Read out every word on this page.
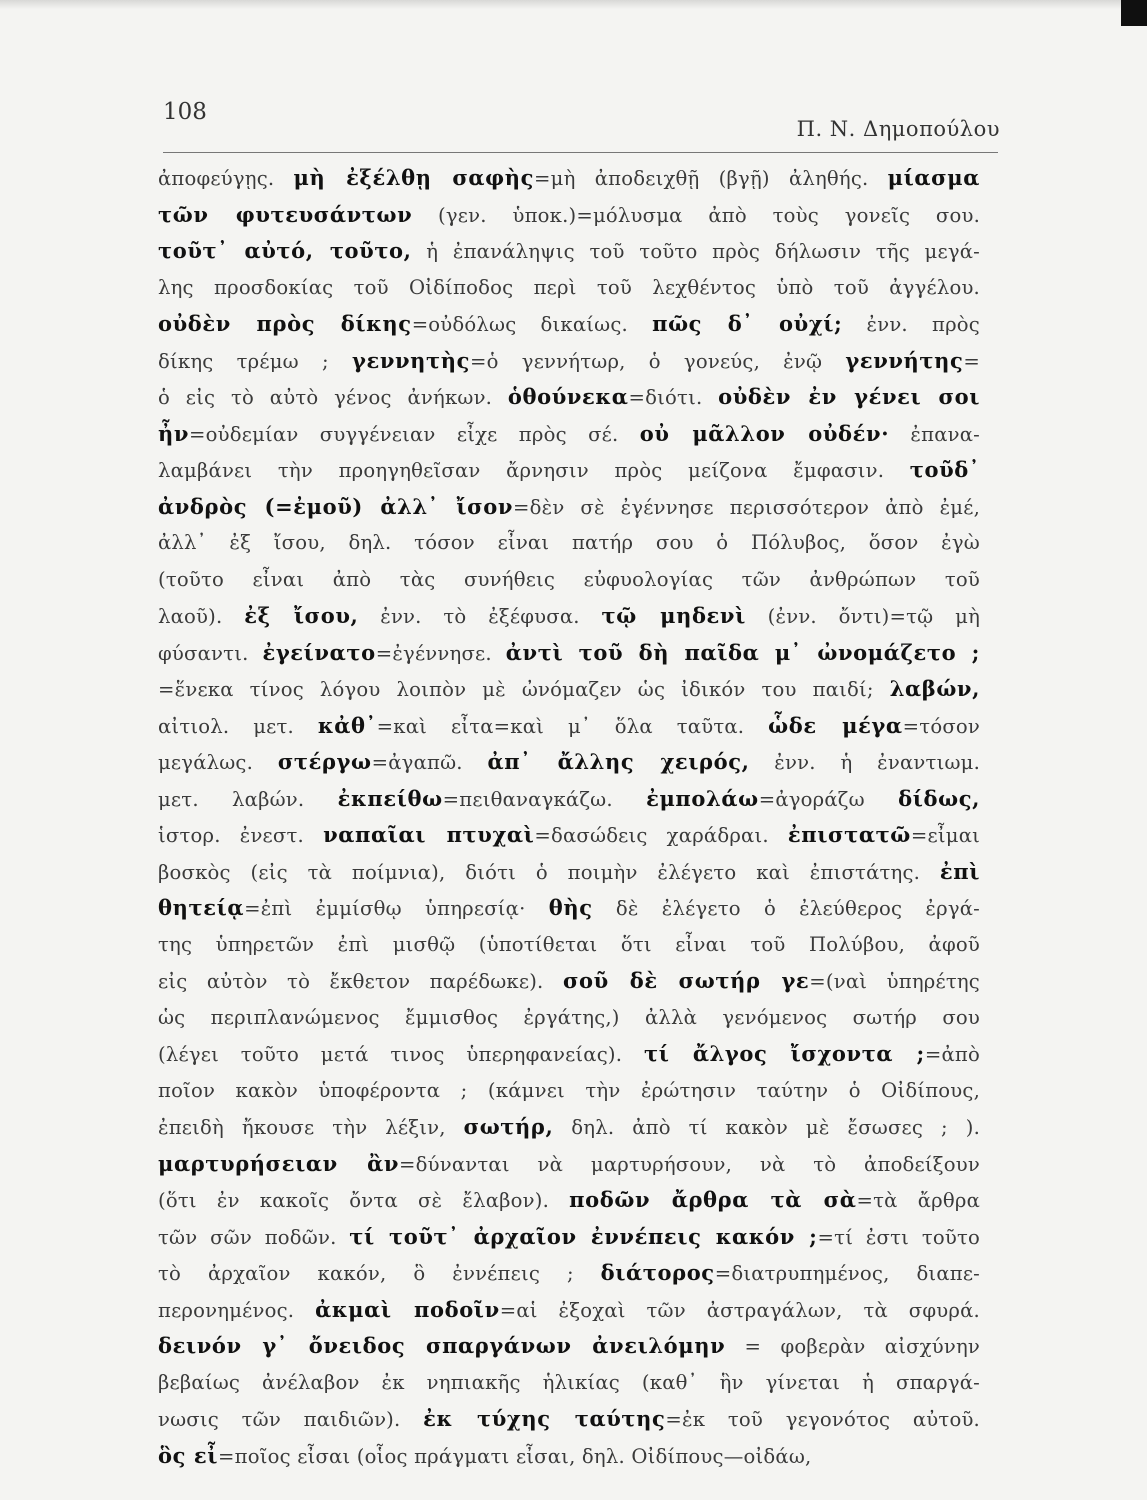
108
Π. Ν. Δημοπούλου
ἀποφεύγῃς. μὴ ἐξέλθῃ σαφὴς=μὴ ἀποδειχθῇ (βγῇ) ἀληθής. μίασμα
τῶν φυτευσάντων (γεν. ὑποκ.)=μόλυσμα ἀπὸ τοὺς γονεῖς σου.
τοῦτ᾽ αὐτό, τοῦτο, ἡ ἐπανάληψις τοῦ τοῦτο πρὸς δήλωσιν τῆς μεγά-
λης προσδοκίας τοῦ Οἰδίποδος περὶ τοῦ λεχθέντος ὑπὸ τοῦ ἀγγέλου.
οὐδὲν πρὸς δίκης=οὐδόλως δικαίως. πῶς δ᾽ οὐχί; ἐνν. πρὸς
δίκης τρέμω ; γεννητὴς=ὁ γεννήτωρ, ὁ γονεύς, ἐνῷ γεννήτης=
ὁ εἰς τὸ αὐτὸ γένος ἀνήκων. ὁθούνεκα=διότι. οὐδὲν ἐν γένει σοι
ἦν=οὐδεμίαν συγγένειαν εἶχε πρὸς σέ. οὐ μᾶλλον οὐδέν· ἐπανα-
λαμβάνει τὴν προηγηθεῖσαν ἄρνησιν πρὸς μείζονα ἔμφασιν. τοῦδ᾽
ἀνδρὸς (=ἐμοῦ) ἀλλ᾽ ἴσον=δὲν σὲ ἐγέννησε περισσότερον ἀπὸ ἐμέ,
ἀλλ᾽ ἐξ ἴσου, δηλ. τόσον εἶναι πατήρ σου ὁ Πόλυβος, ὅσον ἐγὼ
(τοῦτο εἶναι ἀπὸ τὰς συνήθεις εὐφυολογίας τῶν ἀνθρώπων τοῦ
λαοῦ). ἐξ ἴσου, ἐνν. τὸ ἐξέφυσα. τῷ μηδενὶ (ἐνν. ὄντι)=τῷ μὴ
φύσαντι. ἐγείνατο=ἐγέννησε. ἀντὶ τοῦ δὴ παῖδα μ᾽ ὠνομάζετο ;
=ἕνεκα τίνος λόγου λοιπὸν μὲ ὠνόμαζεν ὡς ἰδικόν του παιδί; λαβών,
αἰτιολ. μετ. κἀθ᾽=καὶ εἶτα=καὶ μ᾽ ὅλα ταῦτα. ὧδε μέγα=τόσον
μεγάλως. στέργω=ἀγαπῶ. ἀπ᾽ ἄλλης χειρός, ἐνν. ἡ ἐναντιωμ.
μετ. λαβών. ἐκπείθω=πειθαναγκάζω. ἐμπολάω=ἀγοράζω δίδως,
ἱστορ. ἐνεστ. ναπαῖαι πτυχαὶ=δασώδεις χαράδραι. ἐπιστατῶ=εἶμαι
βοσκὸς (εἰς τὰ ποίμνια), διότι ὁ ποιμὴν ἐλέγετο καὶ ἐπιστάτης. ἐπὶ
θητείᾳ=ἐπὶ ἐμμίσθῳ ὑπηρεσίᾳ· θὴς δὲ ἐλέγετο ὁ ἐλεύθερος ἐργά-
της ὑπηρετῶν ἐπὶ μισθῷ (ὑποτίθεται ὅτι εἶναι τοῦ Πολύβου, ἀφοῦ
εἰς αὐτὸν τὸ ἔκθετον παρέδωκε). σοῦ δὲ σωτήρ γε=(ναὶ ὑπηρέτης
ὡς περιπλανώμενος ἔμμισθος ἐργάτης,) ἀλλὰ γενόμενος σωτήρ σου
(λέγει τοῦτο μετά τινος ὑπερηφανείας). τί ἄλγος ἴσχοντα ;=ἀπὸ
ποῖον κακὸν ὑποφέροντα ; (κάμνει τὴν ἐρώτησιν ταύτην ὁ Οἰδίπους,
ἐπειδὴ ἤκουσε τὴν λέξιν, σωτήρ, δηλ. ἀπὸ τί κακὸν μὲ ἔσωσες ; ).
μαρτυρήσειαν ἂν=δύνανται νὰ μαρτυρήσουν, νὰ τὸ ἀποδείξουν
(ὅτι ἐν κακοῖς ὄντα σὲ ἔλαβον). ποδῶν ἄρθρα τὰ σὰ=τὰ ἄρθρα
τῶν σῶν ποδῶν. τί τοῦτ᾽ ἀρχαῖον ἐννέπεις κακόν ;=τί ἐστι τοῦτο
τὸ ἀρχαῖον κακόν, ὃ ἐννέπεις ; διάτορος=διατρυπημένος, διαπε-
περονημένος. ἀκμαὶ ποδοῖν=αἱ ἐξοχαὶ τῶν ἀστραγάλων, τὰ σφυρά.
δεινόν γ᾽ ὄνειδος σπαργάνων ἀνειλόμην = φοβερὰν αἰσχύνην
βεβαίως ἀνέλαβον ἐκ νηπιακῆς ἡλικίας (καθ᾽ ἣν γίνεται ἡ σπαργά-
νωσις τῶν παιδιῶν). ἐκ τύχης ταύτης=ἐκ τοῦ γεγονότος αὐτοῦ.
ὃς εἶ=ποῖος εἶσαι (οἷος πράγματι εἶσαι, δηλ. Οἰδίπους—οἰδάω,
